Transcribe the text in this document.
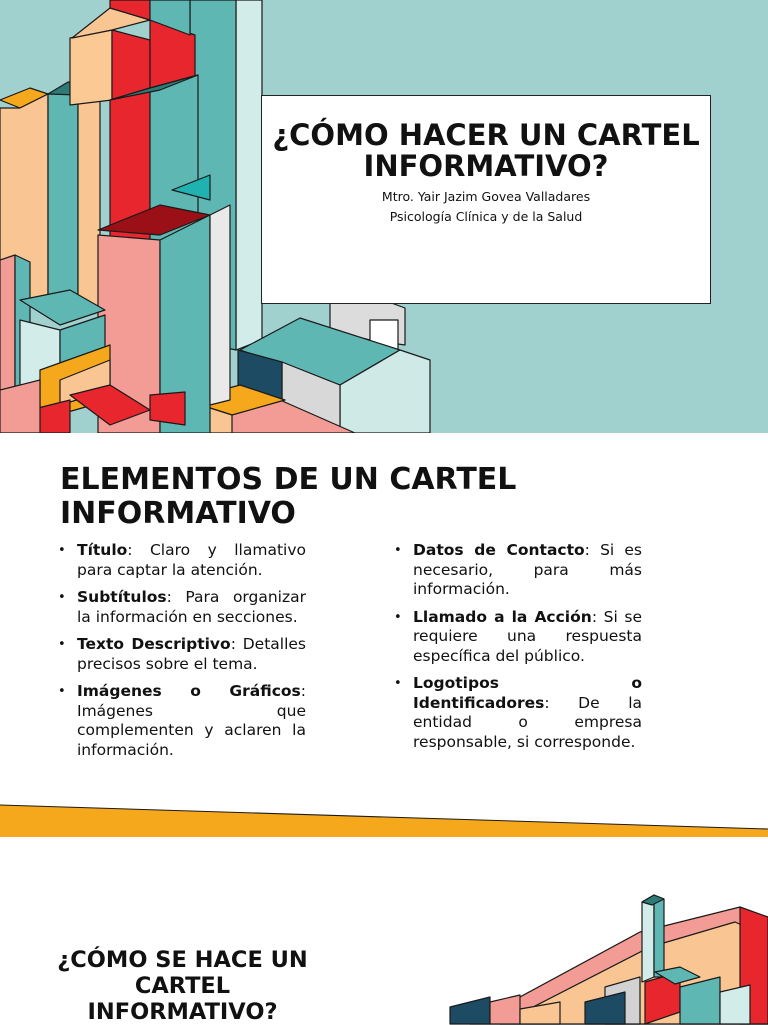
¿CÓMO HACER UN CARTEL INFORMATIVO?
Mtro. Yair Jazim Govea Valladares
Psicología Clínica y de la Salud
ELEMENTOS DE UN CARTEL INFORMATIVO
• Título: Claro y llamativo para captar la atención.
• Subtítulos: Para organizar la información en secciones.
• Texto Descriptivo: Detalles precisos sobre el tema.
• Imágenes o Gráficos: Imágenes que complementen y aclaren la información.
• Datos de Contacto: Si es necesario, para más información.
• Llamado a la Acción: Si se requiere una respuesta específica del público.
• Logotipos o Identificadores: De la entidad o empresa responsable, si corresponde.
¿CÓMO SE HACE UN CARTEL INFORMATIVO?
